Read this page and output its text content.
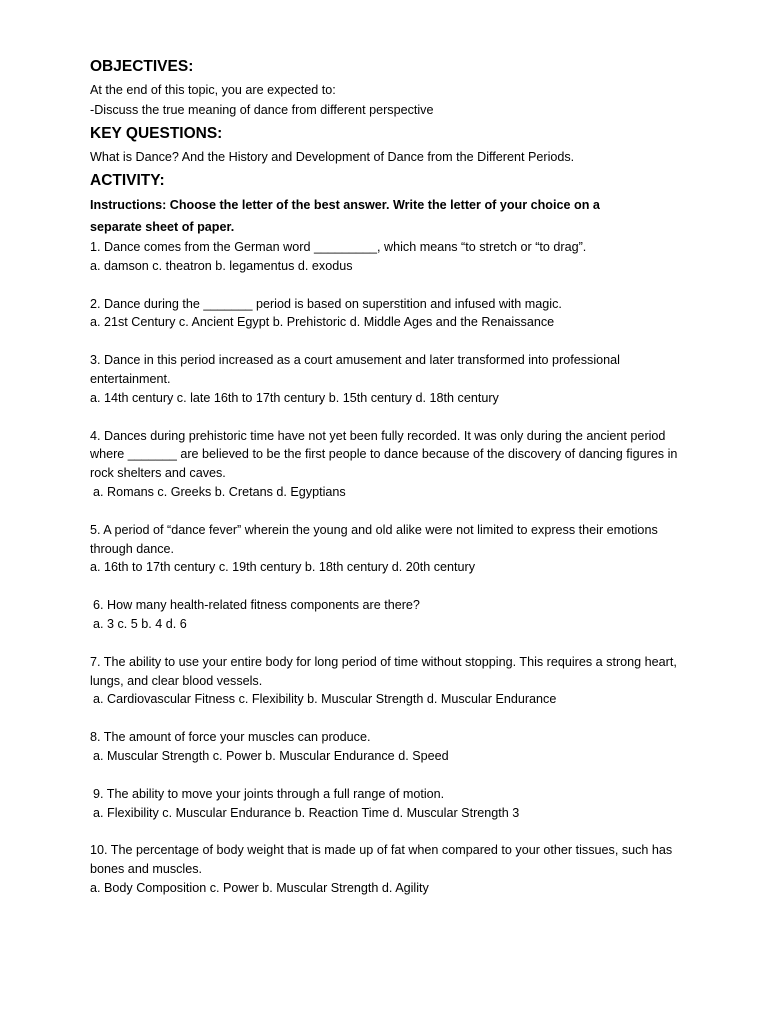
OBJECTIVES:

At the end of this topic, you are expected to:

-Discuss the true meaning of dance from different perspective

KEY QUESTIONS:

What is Dance? And the History and Development of Dance from the Different Periods.

ACTIVITY:

Instructions: Choose the letter of the best answer. Write the letter of your choice on a separate sheet of paper.

1. Dance comes from the German word _________, which means “to stretch or “to drag”.

a. damson c. theatron b. legamentus d. exodus

2. Dance during the _______ period is based on superstition and infused with magic.

a. 21st Century c. Ancient Egypt b. Prehistoric d. Middle Ages and the Renaissance

3. Dance in this period increased as a court amusement and later transformed into professional entertainment.

a. 14th century c. late 16th to 17th century b. 15th century d. 18th century

4. Dances during prehistoric time have not yet been fully recorded. It was only during the ancient period where _______ are believed to be the first people to dance because of the discovery of dancing figures in rock shelters and caves.

a. Romans c. Greeks b. Cretans d. Egyptians

5. A period of “dance fever” wherein the young and old alike were not limited to express their emotions through dance.

a. 16th to 17th century c. 19th century b. 18th century d. 20th century

6. How many health-related fitness components are there?

a. 3 c. 5 b. 4 d. 6

7. The ability to use your entire body for long period of time without stopping. This requires a strong heart, lungs, and clear blood vessels.

a. Cardiovascular Fitness c. Flexibility b. Muscular Strength d. Muscular Endurance

8. The amount of force your muscles can produce.

a. Muscular Strength c. Power b. Muscular Endurance d. Speed

9. The ability to move your joints through a full range of motion.

a. Flexibility c. Muscular Endurance b. Reaction Time d. Muscular Strength 3

10. The percentage of body weight that is made up of fat when compared to your other tissues, such has bones and muscles.

a. Body Composition c. Power b. Muscular Strength d. Agility
